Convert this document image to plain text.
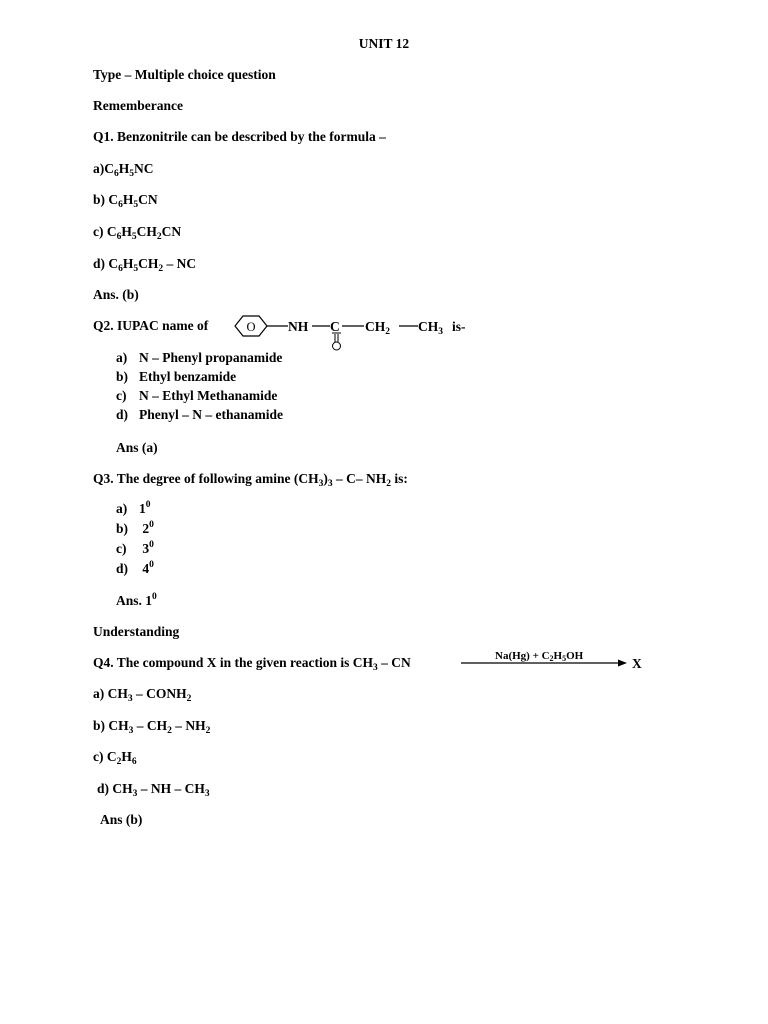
UNIT 12
Type – Multiple choice question
Rememberance
Q1. Benzonitrile can be described by the formula –
$a)C_6H_5NC$
b) $C_6H_5CN$
c) $C_6H_5CH_2CN$
d) $C_6H_5CH_2$ – NC
Ans. (b)
Q2. IUPAC name of	O NH C $CH_2$ $CH_3$ is-
a) N – Phenyl propanamide
b) Ethyl benzamide
c) N – Ethyl Methanamide
d) Phenyl – N – ethanamide
Ans (a)
Q3. The degree of following amine $(CH_3)_3 - C-$ $NH_2$ is:
a) $1^0$
b) $2^0$
c) $3^0$
d) $4^0$
Ans. $1^0$
Understanding
Q4. The compound X in the given reaction is $CH_3$ – CN	Na(Hg) + C2H5OH	X
a) $CH_3$ – $CONH_2$
b) $CH_3 - CH_2 - NH_2$
c) $C_2H_6$
d) $CH_3$ – NH – $CH_3$
Ans (b)
